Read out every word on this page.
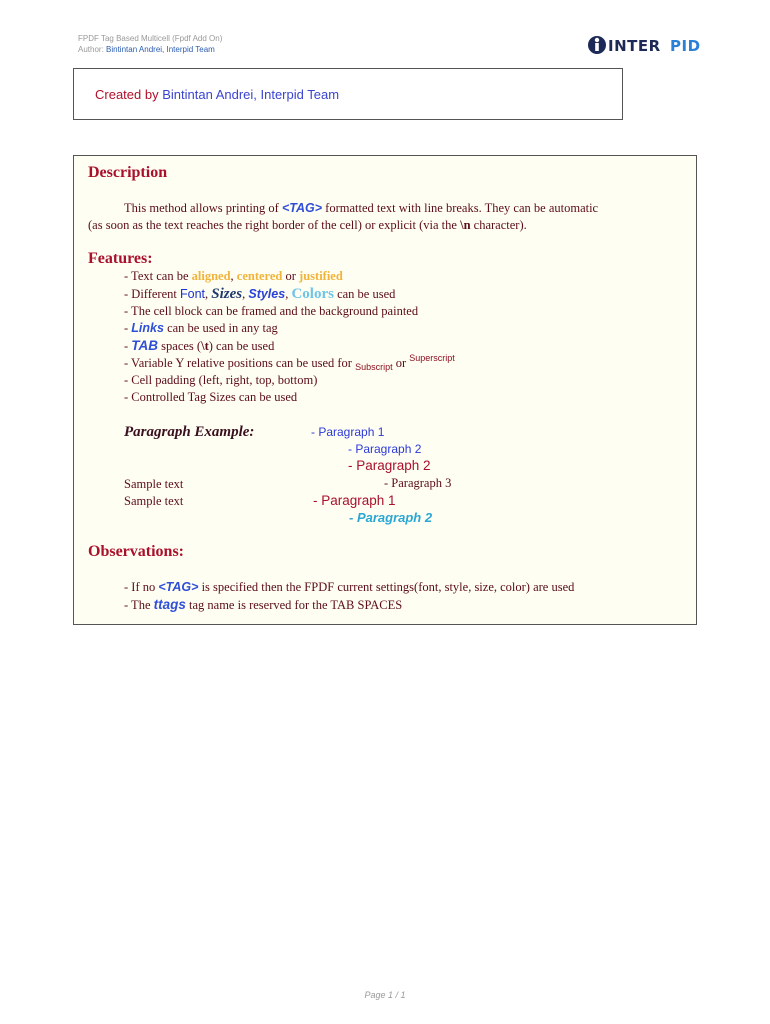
FPDF Tag Based Multicell (Fpdf Add On)
Author: Bintintan Andrei, Interpid Team	INTER PID
Created by Bintintan Andrei, Interpid Team
Description
This method allows printing of <TAG> formatted text with line breaks. They can be automatic
(as soon as the text reaches the right border of the cell) or explicit (via the \n character).
Features:
- Text can be aligned, centered or justified
- Different Font, Sizes, Styles, Colors can be used
- The cell block can be framed and the background painted
- Links can be used in any tag
- TAB spaces (\t) can be used
- Variable Y relative positions can be used for $_{Subscript}$ or $^{Superscript}$
- Cell padding (left, right, top, bottom)
- Controlled Tag Sizes can be used
Paragraph Example:	- Paragraph 1
- Paragraph 2
- Paragraph 2
Sample text	- Paragraph 3
Sample text	- Paragraph 1
- Paragraph 2
Observations:
- If no <TAG> is specified then the FPDF current settings(font, style, size, color) are used
- The ttags tag name is reserved for the TAB SPACES
Page 1 / 1
